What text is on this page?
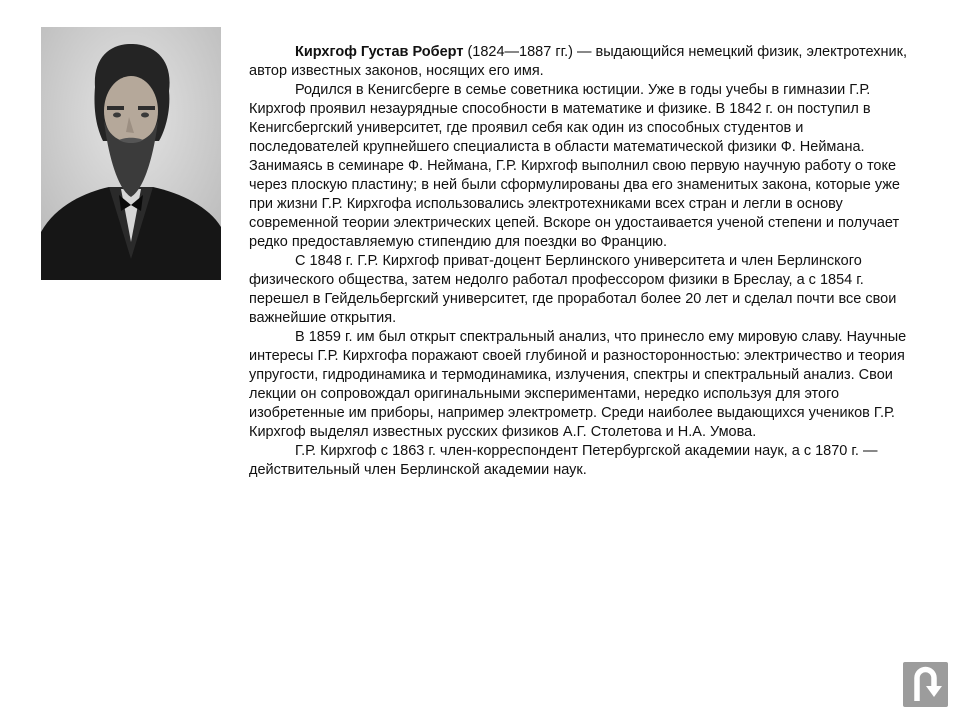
Кирхгоф Густав Роберт (1824—1887 гг.) — выдающийся немецкий физик, электротехник, автор известных законов, носящих его имя.

Родился в Кенигсберге в семье советника юстиции. Уже в годы учебы в гимназии Г.Р. Кирхгоф проявил незаурядные способности в математике и физике. В 1842 г. он поступил в Кенигсбергский университет, где проявил себя как один из способных студентов и последователей крупнейшего специалиста в области математической физики Ф. Неймана. Занимаясь в семинаре Ф. Неймана, Г.Р. Кирхгоф выполнил свою первую научную работу о токе через плоскую пластину; в ней были сформулированы два его знаменитых закона, которые уже при жизни Г.Р. Кирхгофа использовались электротехниками всех стран и легли в основу современной теории электрических цепей. Вскоре он удостаивается ученой степени и получает редко предоставляемую стипендию для поездки во Францию.

С 1848 г. Г.Р. Кирхгоф приват-доцент Берлинского университета и член Берлинского физического общества, затем недолго работал профессором физики в Бреслау, а с 1854 г. перешел в Гейдельбергский университет, где проработал более 20 лет и сделал почти все свои важнейшие открытия.

В 1859 г. им был открыт спектральный анализ, что принесло ему мировую славу. Научные интересы Г.Р. Кирхгофа поражают своей глубиной и разносторонностью: электричество и теория упругости, гидродинамика и термодинамика, излучения, спектры и спектральный анализ. Свои лекции он сопровождал оригинальными экспериментами, нередко используя для этого изобретенные им приборы, например электрометр. Среди наиболее выдающихся учеников Г.Р. Кирхгоф выделял известных русских физиков А.Г. Столетова и Н.А. Умова.

Г.Р. Кирхгоф с 1863 г. член-корреспондент Петербургской академии наук, а с 1870 г. — действительный член Берлинской академии наук.
